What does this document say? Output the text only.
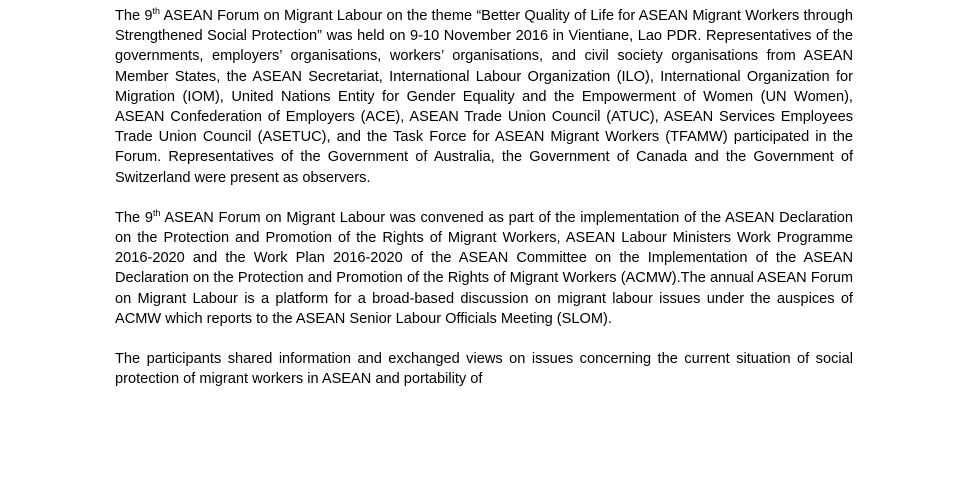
The 9th ASEAN Forum on Migrant Labour on the theme “Better Quality of Life for ASEAN Migrant Workers through Strengthened Social Protection” was held on 9-10 November 2016 in Vientiane, Lao PDR. Representatives of the governments, employers’ organisations, workers’ organisations, and civil society organisations from ASEAN Member States, the ASEAN Secretariat, International Labour Organization (ILO), International Organization for Migration (IOM), United Nations Entity for Gender Equality and the Empowerment of Women (UN Women), ASEAN Confederation of Employers (ACE), ASEAN Trade Union Council (ATUC), ASEAN Services Employees Trade Union Council (ASETUC), and the Task Force for ASEAN Migrant Workers (TFAMW) participated in the Forum. Representatives of the Government of Australia, the Government of Canada and the Government of Switzerland were present as observers.

The 9th ASEAN Forum on Migrant Labour was convened as part of the implementation of the ASEAN Declaration on the Protection and Promotion of the Rights of Migrant Workers, ASEAN Labour Ministers Work Programme 2016-2020 and the Work Plan 2016-2020 of the ASEAN Committee on the Implementation of the ASEAN Declaration on the Protection and Promotion of the Rights of Migrant Workers (ACMW).The annual ASEAN Forum on Migrant Labour is a platform for a broad-based discussion on migrant labour issues under the auspices of ACMW which reports to the ASEAN Senior Labour Officials Meeting (SLOM).

The participants shared information and exchanged views on issues concerning the current situation of social protection of migrant workers in ASEAN and portability of
